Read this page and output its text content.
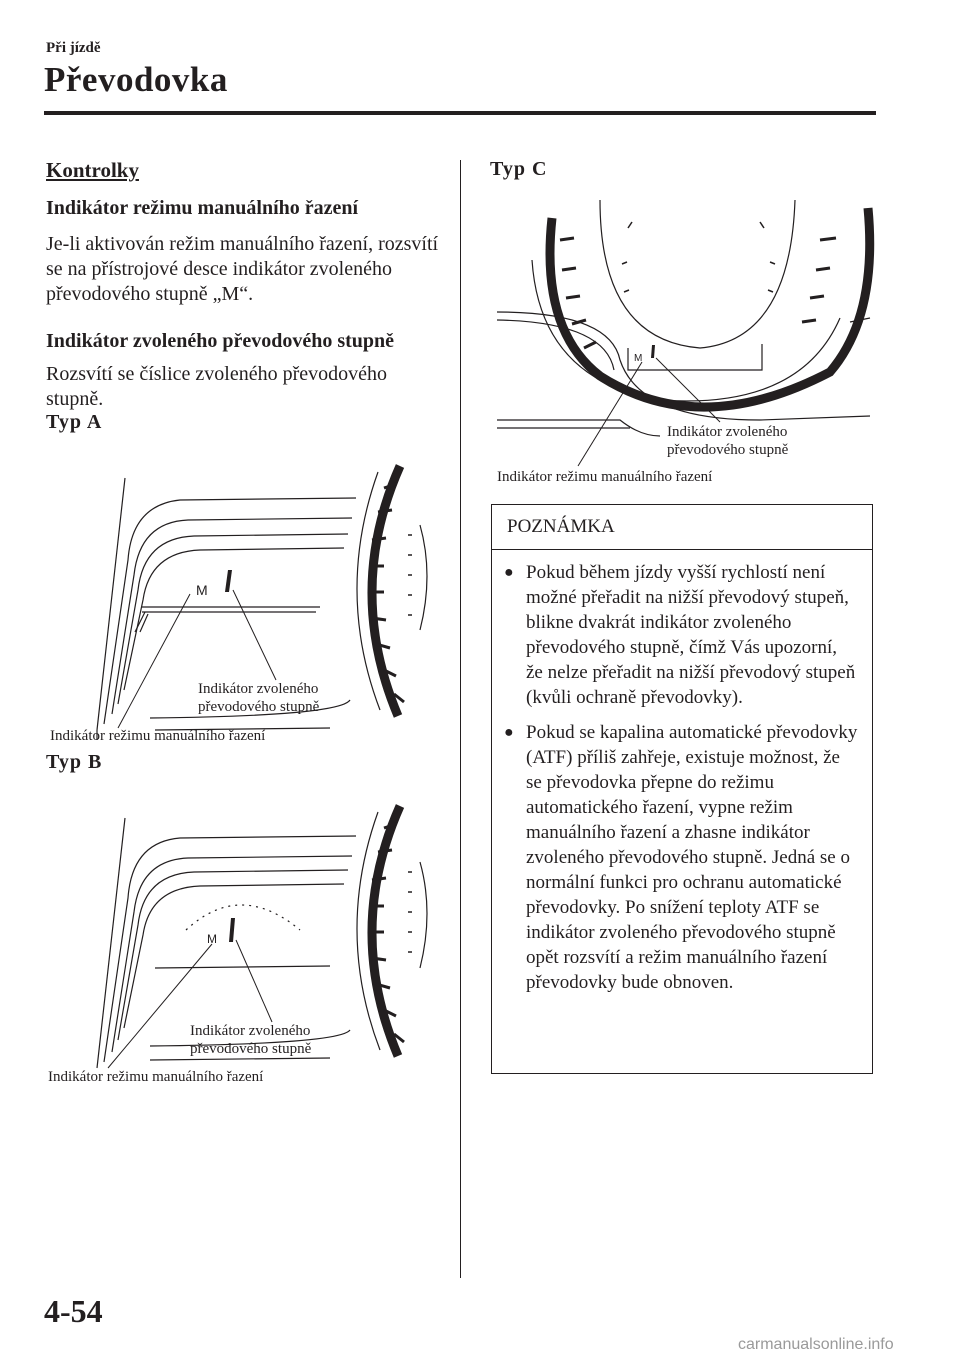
Při jízdě
Převodovka
Kontrolky
Indikátor režimu manuálního řazení
Je-li aktivován režim manuálního řazení, rozsvítí se na přístrojové desce indikátor zvoleného převodového stupně „M“.
Indikátor zvoleného převodového stupně
Rozsvítí se číslice zvoleného převodového stupně.
Typ A
Typ B
Typ C
M
Indikátor zvoleného
převodového stupně
Indikátor režimu manuálního řazení
M
Indikátor zvoleného
převodového stupně
Indikátor režimu manuálního řazení
M
Indikátor zvoleného
převodového stupně
Indikátor režimu manuálního řazení
POZNÁMKA
● Pokud během jízdy vyšší rychlostí není možné přeřadit na nižší převodový stupeň, blikne dvakrát indikátor zvoleného převodového stupně, čímž Vás upozorní, že nelze přeřadit na nižší převodový stupeň (kvůli ochraně převodovky).
● Pokud se kapalina automatické převodovky (ATF) příliš zahřeje, existuje možnost, že se převodovka přepne do režimu automatického řazení, vypne režim manuálního řazení a zhasne indikátor zvoleného převodového stupně. Jedná se o normální funkci pro ochranu automatické převodovky. Po snížení teploty ATF se indikátor zvoleného převodového stupně opět rozsvítí a režim manuálního řazení převodovky bude obnoven.
4-54
carmanualsonline.info
